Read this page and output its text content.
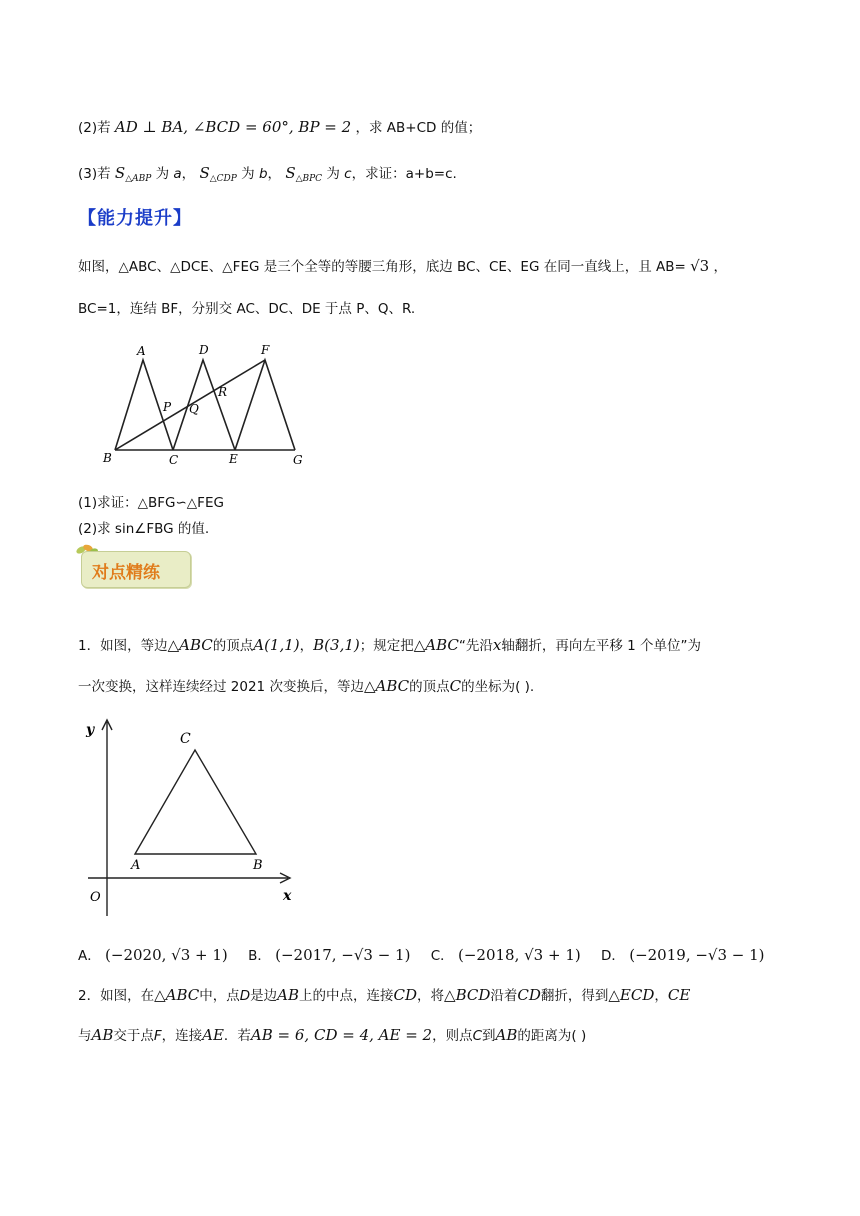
(2)若 AD ⊥ BA, ∠BCD = 60°, BP = 2 ，求 AB+CD 的值；
(3)若 $S_{\triangle ABP}$ 为 a， $S_{\triangle CDP}$ 为 b， $S_{\triangle BPC}$ 为 c，求证：a+b=c.
【能力提升】
如图，△ABC、△DCE、△FEG 是三个全等的等腰三角形，底边 BC、CE、EG 在同一直线上，且 AB= √3 ，
BC=1，连结 BF，分别交 AC、DC、DE 于点 P、Q、R.
A	D	F
P Q
R
B	C	E	G
(1)求证：△BFG∽△FEG
(2)求 sin∠FBG 的值.
对点精练
1．如图，等边△ABC的顶点A(1,1)，B(3,1)；规定把△ABC“先沿x轴翻折，再向左平移 1 个单位”为
一次变换，这样连续经过 2021 次变换后，等边△ABC的顶点C的坐标为( ).
y
C
A	B
O	x
A． (−2020, √3 + 1) B． (−2017, −√3 − 1) C． (−2018, √3 + 1) D． (−2019, −√3 − 1)
2．如图，在△ABC中，点D是边AB上的中点，连接CD，将△BCD沿着CD翻折，得到△ECD，CE
与AB交于点F，连接AE．若AB = 6, CD = 4, AE = 2，则点C到AB的距离为( )
